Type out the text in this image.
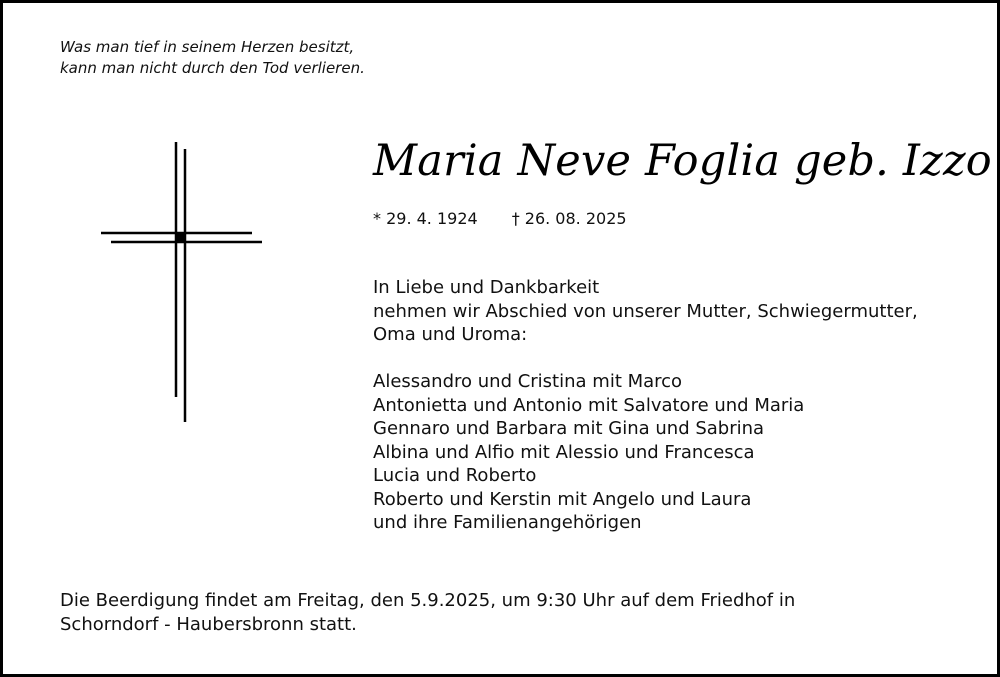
Was man tief in seinem Herzen besitzt,
kann man nicht durch den Tod verlieren.
Maria Neve Foglia geb. Izzo
* 29. 4. 1924 † 26. 08. 2025
In Liebe und Dankbarkeit
nehmen wir Abschied von unserer Mutter, Schwiegermutter,
Oma und Uroma:
Alessandro und Cristina mit Marco
Antonietta und Antonio mit Salvatore und Maria
Gennaro und Barbara mit Gina und Sabrina
Albina und Alfio mit Alessio und Francesca
Lucia und Roberto
Roberto und Kerstin mit Angelo und Laura
und ihre Familienangehörigen
Die Beerdigung findet am Freitag, den 5.9.2025, um 9:30 Uhr auf dem Friedhof in
Schorndorf - Haubersbronn statt.
